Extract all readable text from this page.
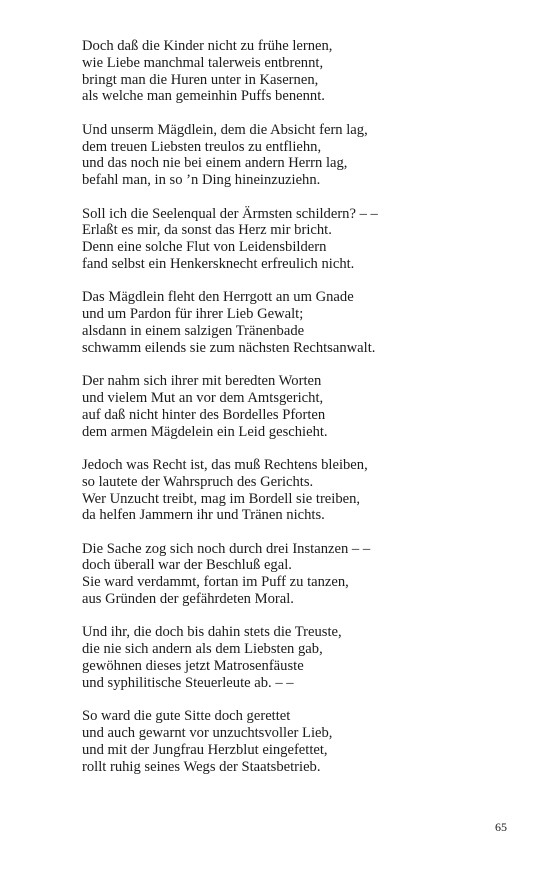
Doch daß die Kinder nicht zu frühe lernen,
wie Liebe manchmal talerweis entbrennt,
bringt man die Huren unter in Kasernen,
als welche man gemeinhin Puffs benennt.
Und unserm Mägdlein, dem die Absicht fern lag,
dem treuen Liebsten treulos zu entfliehn,
und das noch nie bei einem andern Herrn lag,
befahl man, in so ’n Ding hineinzuziehn.
Soll ich die Seelenqual der Ärmsten schildern? – –
Erlaßt es mir, da sonst das Herz mir bricht.
Denn eine solche Flut von Leidensbildern
fand selbst ein Henkersknecht erfreulich nicht.
Das Mägdlein fleht den Herrgott an um Gnade
und um Pardon für ihrer Lieb Gewalt;
alsdann in einem salzigen Tränenbade
schwamm eilends sie zum nächsten Rechtsanwalt.
Der nahm sich ihrer mit beredten Worten
und vielem Mut an vor dem Amtsgericht,
auf daß nicht hinter des Bordelles Pforten
dem armen Mägdelein ein Leid geschieht.
Jedoch was Recht ist, das muß Rechtens bleiben,
so lautete der Wahrspruch des Gerichts.
Wer Unzucht treibt, mag im Bordell sie treiben,
da helfen Jammern ihr und Tränen nichts.
Die Sache zog sich noch durch drei Instanzen – –
doch überall war der Beschluß egal.
Sie ward verdammt, fortan im Puff zu tanzen,
aus Gründen der gefährdeten Moral.
Und ihr, die doch bis dahin stets die Treuste,
die nie sich andern als dem Liebsten gab,
gewöhnen dieses jetzt Matrosenfäuste
und syphilitische Steuerleute ab. – –
So ward die gute Sitte doch gerettet
und auch gewarnt vor unzuchtsvoller Lieb,
und mit der Jungfrau Herzblut eingefettet,
rollt ruhig seines Wegs der Staatsbetrieb.
65
